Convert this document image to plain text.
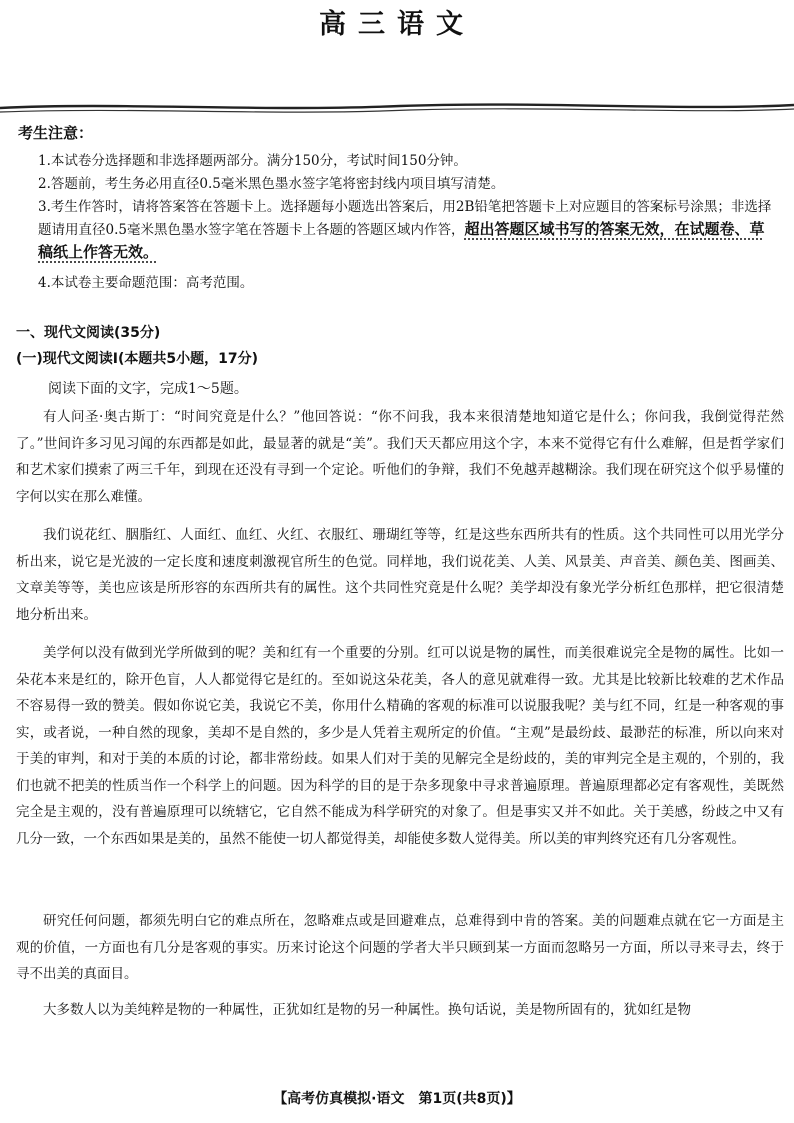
高三语文
考生注意：
1.本试卷分选择题和非选择题两部分。满分150分，考试时间150分钟。
2.答题前，考生务必用直径0.5毫米黑色墨水签字笔将密封线内项目填写清楚。
3.考生作答时，请将答案答在答题卡上。选择题每小题选出答案后，用2B铅笔把答题卡上对应题目的答案标号涂黑；非选择题请用直径0.5毫米黑色墨水签字笔在答题卡上各题的答题区域内作答，超出答题区域书写的答案无效，在试题卷、草稿纸上作答无效。
4.本试卷主要命题范围：高考范围。
一、现代文阅读(35分)
(一)现代文阅读Ⅰ(本题共5小题，17分)
阅读下面的文字，完成1～5题。

有人问圣·奥古斯丁：“时间究竟是什么？”他回答说：“你不问我，我本来很清楚地知道它是什么；你问我，我倒觉得茫然了。”世间许多习见习闻的东西都是如此，最显著的就是“美”。我们天天都应用这个字，本来不觉得它有什么难解，但是哲学家们和艺术家们摸索了两三千年，到现在还没有寻到一个定论。听他们的争辩，我们不免越弄越糊涂。我们现在研究这个似乎易懂的字何以实在那么难懂。

我们说花红、胭脂红、人面红、血红、火红、衣服红、珊瑚红等等，红是这些东西所共有的性质。这个共同性可以用光学分析出来，说它是光波的一定长度和速度刺激视官所生的色觉。同样地，我们说花美、人美、风景美、声音美、颜色美、图画美、文章美等等，美也应该是所形容的东西所共有的属性。这个共同性究竟是什么呢？美学却没有象光学分析红色那样，把它很清楚地分析出来。

美学何以没有做到光学所做到的呢？美和红有一个重要的分别。红可以说是物的属性，而美很难说完全是物的属性。比如一朵花本来是红的，除开色盲，人人都觉得它是红的。至如说这朵花美，各人的意见就难得一致。尤其是比较新比较难的艺术作品不容易得一致的赞美。假如你说它美，我说它不美，你用什么精确的客观的标准可以说服我呢？美与红不同，红是一种客观的事实，或者说，一种自然的现象，美却不是自然的，多少是人凭着主观所定的价值。“主观”是最纷歧、最渺茫的标准，所以向来对于美的审判，和对于美的本质的讨论，都非常纷歧。如果人们对于美的见解完全是纷歧的，美的审判完全是主观的，个别的，我们也就不把美的性质当作一个科学上的问题。因为科学的目的是于杂多现象中寻求普遍原理。普遍原理都必定有客观性，美既然完全是主观的，没有普遍原理可以统辖它，它自然不能成为科学研究的对象了。但是事实又并不如此。关于美感，纷歧之中又有几分一致，一个东西如果是美的，虽然不能使一切人都觉得美，却能使多数人觉得美。所以美的审判终究还有几分客观性。

研究任何问题，都须先明白它的难点所在，忽略难点或是回避难点，总难得到中肯的答案。美的问题难点就在它一方面是主观的价值，一方面也有几分是客观的事实。历来讨论这个问题的学者大半只顾到某一方面而忽略另一方面，所以寻来寻去，终于寻不出美的真面目。

大多数人以为美纯粹是物的一种属性，正犹如红是物的另一种属性。换句话说，美是物所固有的，犹如红是物

【高考仿真模拟·语文　第1页(共8页)】
